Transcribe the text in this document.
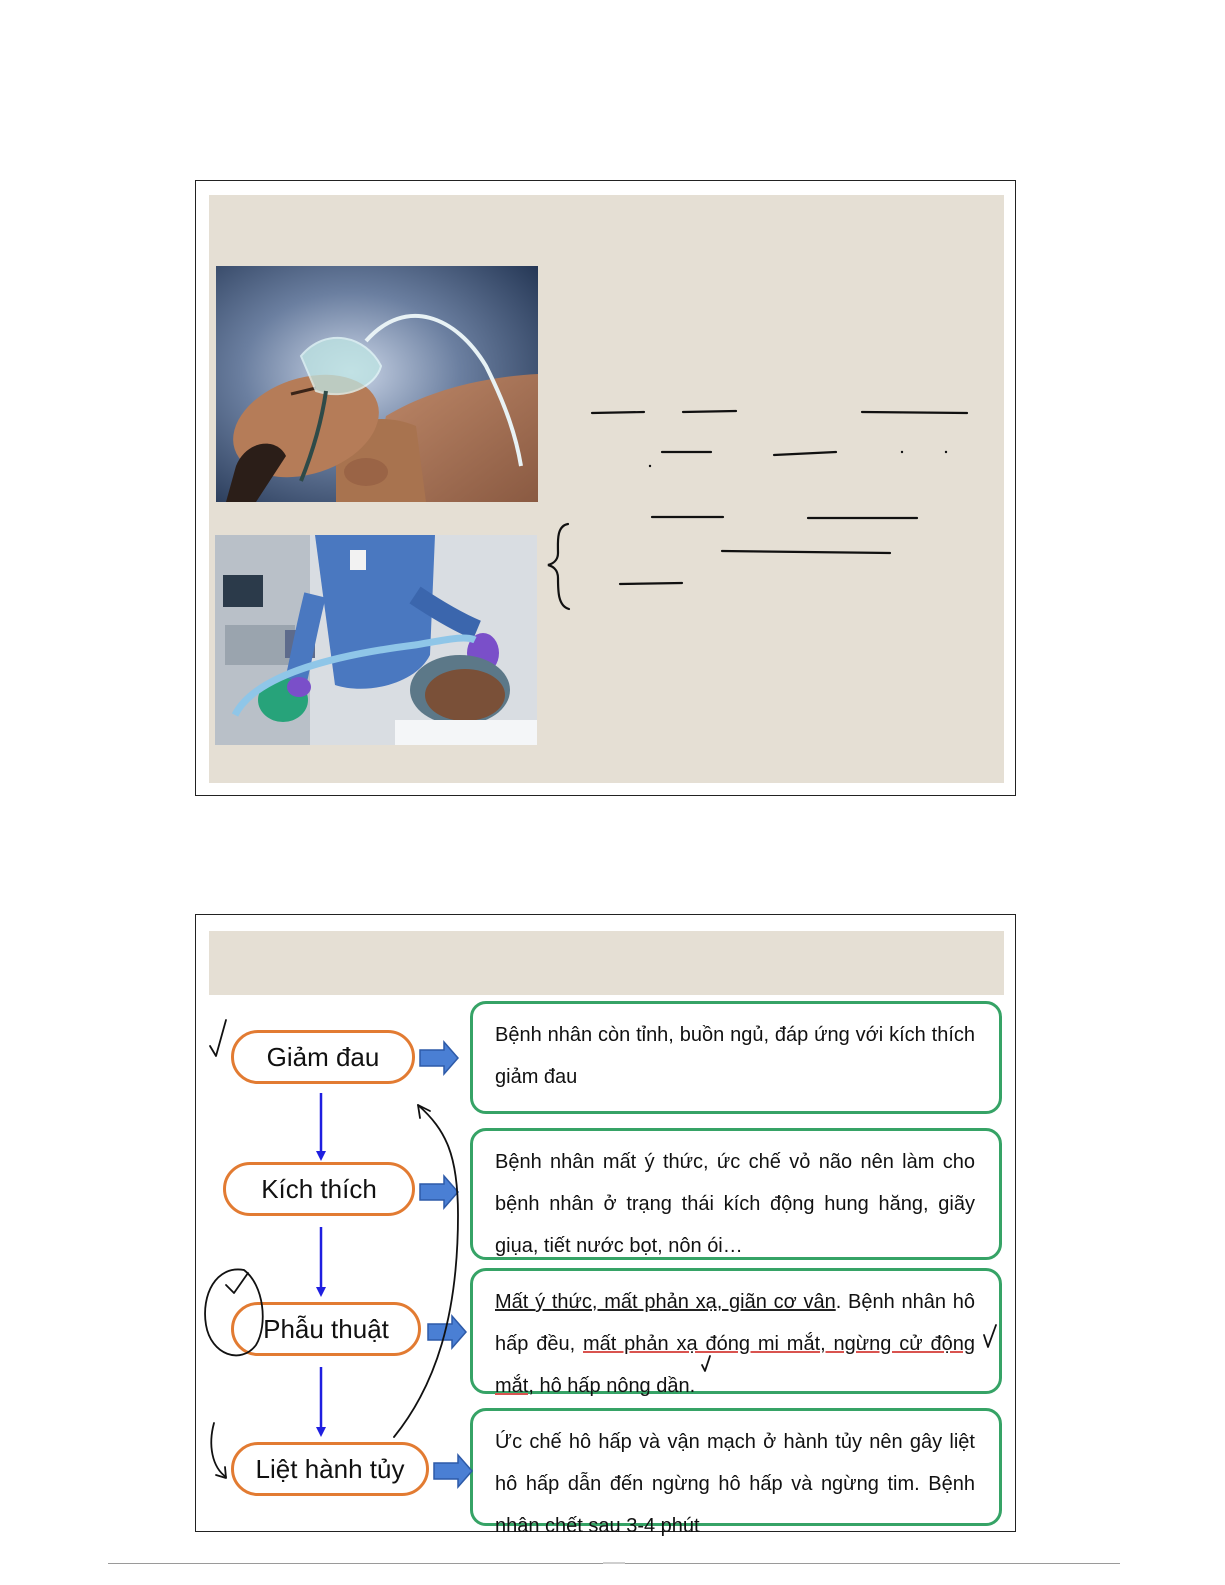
Giảm đau
Kích thích
Phẫu thuật
Liệt hành tủy

Bệnh nhân còn tỉnh, buồn ngủ, đáp ứng với kích thích giảm đau

Bệnh nhân mất ý thức, ức chế vỏ não nên làm cho bệnh nhân ở trạng thái kích động hung hăng, giãy giụa, tiết nước bọt, nôn ói…

Mất ý thức, mất phản xạ, giãn cơ vân. Bệnh nhân hô hấp đều, mất phản xạ đóng mi mắt, ngừng cử động mắt, hô hấp nông dần.

Ức chế hô hấp và vận mạch ở hành tủy nên gây liệt hô hấp dẫn đến ngừng hô hấp và ngừng tim. Bệnh nhân chết sau 3-4 phút
